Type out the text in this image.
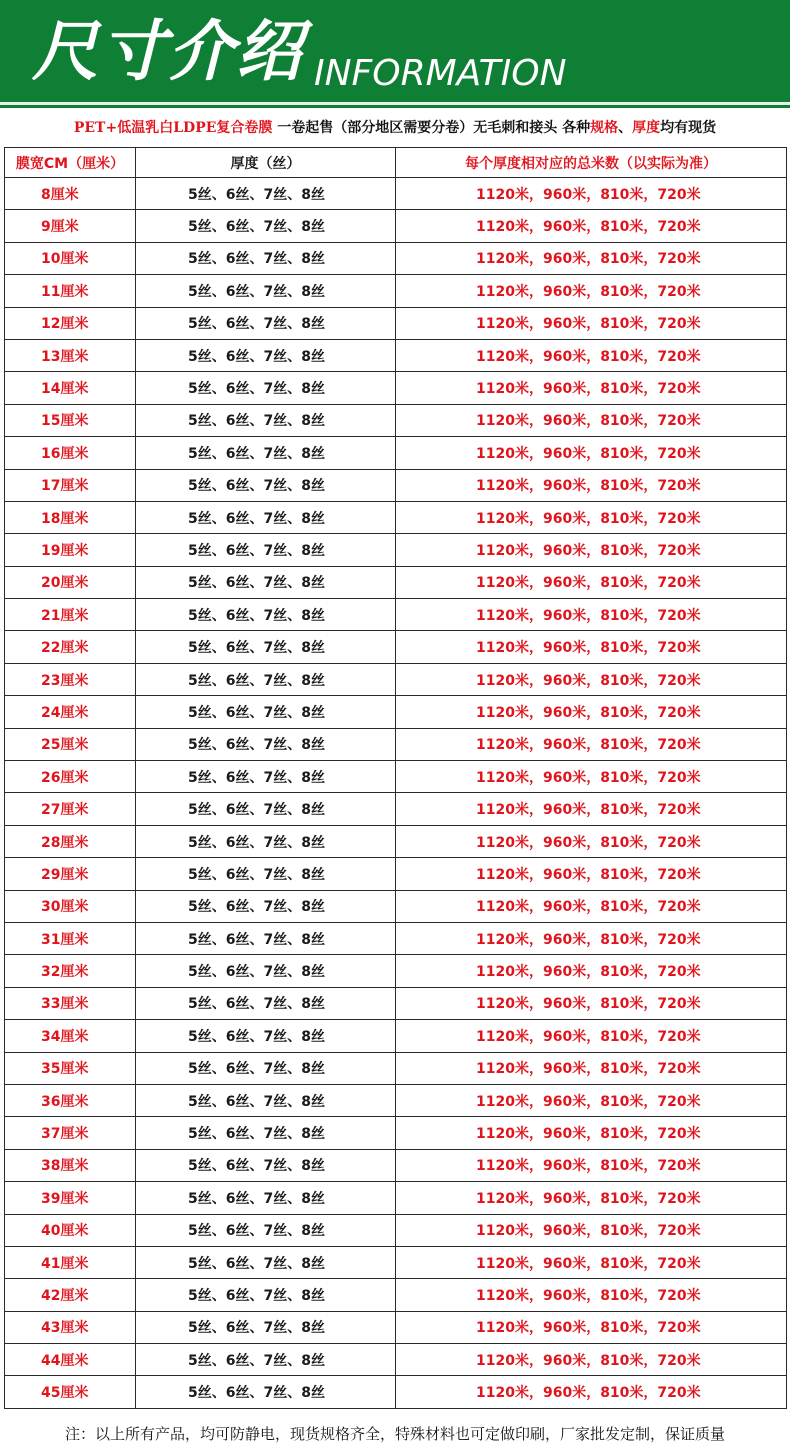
尺寸介绍 INFORMATION
PET+低温乳白LDPE复合卷膜 一卷起售（部分地区需要分卷）无毛刺和接头 各种规格、厚度均有现货
膜宽CM（厘米）	厚度（丝）	每个厚度相对应的总米数（以实际为准）
8厘米	5丝、6丝、7丝、8丝	1120米，960米，810米，720米
9厘米	5丝、6丝、7丝、8丝	1120米，960米，810米，720米
10厘米	5丝、6丝、7丝、8丝	1120米，960米，810米，720米
11厘米	5丝、6丝、7丝、8丝	1120米，960米，810米，720米
12厘米	5丝、6丝、7丝、8丝	1120米，960米，810米，720米
13厘米	5丝、6丝、7丝、8丝	1120米，960米，810米，720米
14厘米	5丝、6丝、7丝、8丝	1120米，960米，810米，720米
15厘米	5丝、6丝、7丝、8丝	1120米，960米，810米，720米
16厘米	5丝、6丝、7丝、8丝	1120米，960米，810米，720米
17厘米	5丝、6丝、7丝、8丝	1120米，960米，810米，720米
18厘米	5丝、6丝、7丝、8丝	1120米，960米，810米，720米
19厘米	5丝、6丝、7丝、8丝	1120米，960米，810米，720米
20厘米	5丝、6丝、7丝、8丝	1120米，960米，810米，720米
21厘米	5丝、6丝、7丝、8丝	1120米，960米，810米，720米
22厘米	5丝、6丝、7丝、8丝	1120米，960米，810米，720米
23厘米	5丝、6丝、7丝、8丝	1120米，960米，810米，720米
24厘米	5丝、6丝、7丝、8丝	1120米，960米，810米，720米
25厘米	5丝、6丝、7丝、8丝	1120米，960米，810米，720米
26厘米	5丝、6丝、7丝、8丝	1120米，960米，810米，720米
27厘米	5丝、6丝、7丝、8丝	1120米，960米，810米，720米
28厘米	5丝、6丝、7丝、8丝	1120米，960米，810米，720米
29厘米	5丝、6丝、7丝、8丝	1120米，960米，810米，720米
30厘米	5丝、6丝、7丝、8丝	1120米，960米，810米，720米
31厘米	5丝、6丝、7丝、8丝	1120米，960米，810米，720米
32厘米	5丝、6丝、7丝、8丝	1120米，960米，810米，720米
33厘米	5丝、6丝、7丝、8丝	1120米，960米，810米，720米
34厘米	5丝、6丝、7丝、8丝	1120米，960米，810米，720米
35厘米	5丝、6丝、7丝、8丝	1120米，960米，810米，720米
36厘米	5丝、6丝、7丝、8丝	1120米，960米，810米，720米
37厘米	5丝、6丝、7丝、8丝	1120米，960米，810米，720米
38厘米	5丝、6丝、7丝、8丝	1120米，960米，810米，720米
39厘米	5丝、6丝、7丝、8丝	1120米，960米，810米，720米
40厘米	5丝、6丝、7丝、8丝	1120米，960米，810米，720米
41厘米	5丝、6丝、7丝、8丝	1120米，960米，810米，720米
42厘米	5丝、6丝、7丝、8丝	1120米，960米，810米，720米
43厘米	5丝、6丝、7丝、8丝	1120米，960米，810米，720米
44厘米	5丝、6丝、7丝、8丝	1120米，960米，810米，720米
45厘米	5丝、6丝、7丝、8丝	1120米，960米，810米，720米
注：以上所有产品，均可防静电，现货规格齐全，特殊材料也可定做印刷，厂家批发定制，保证质量
